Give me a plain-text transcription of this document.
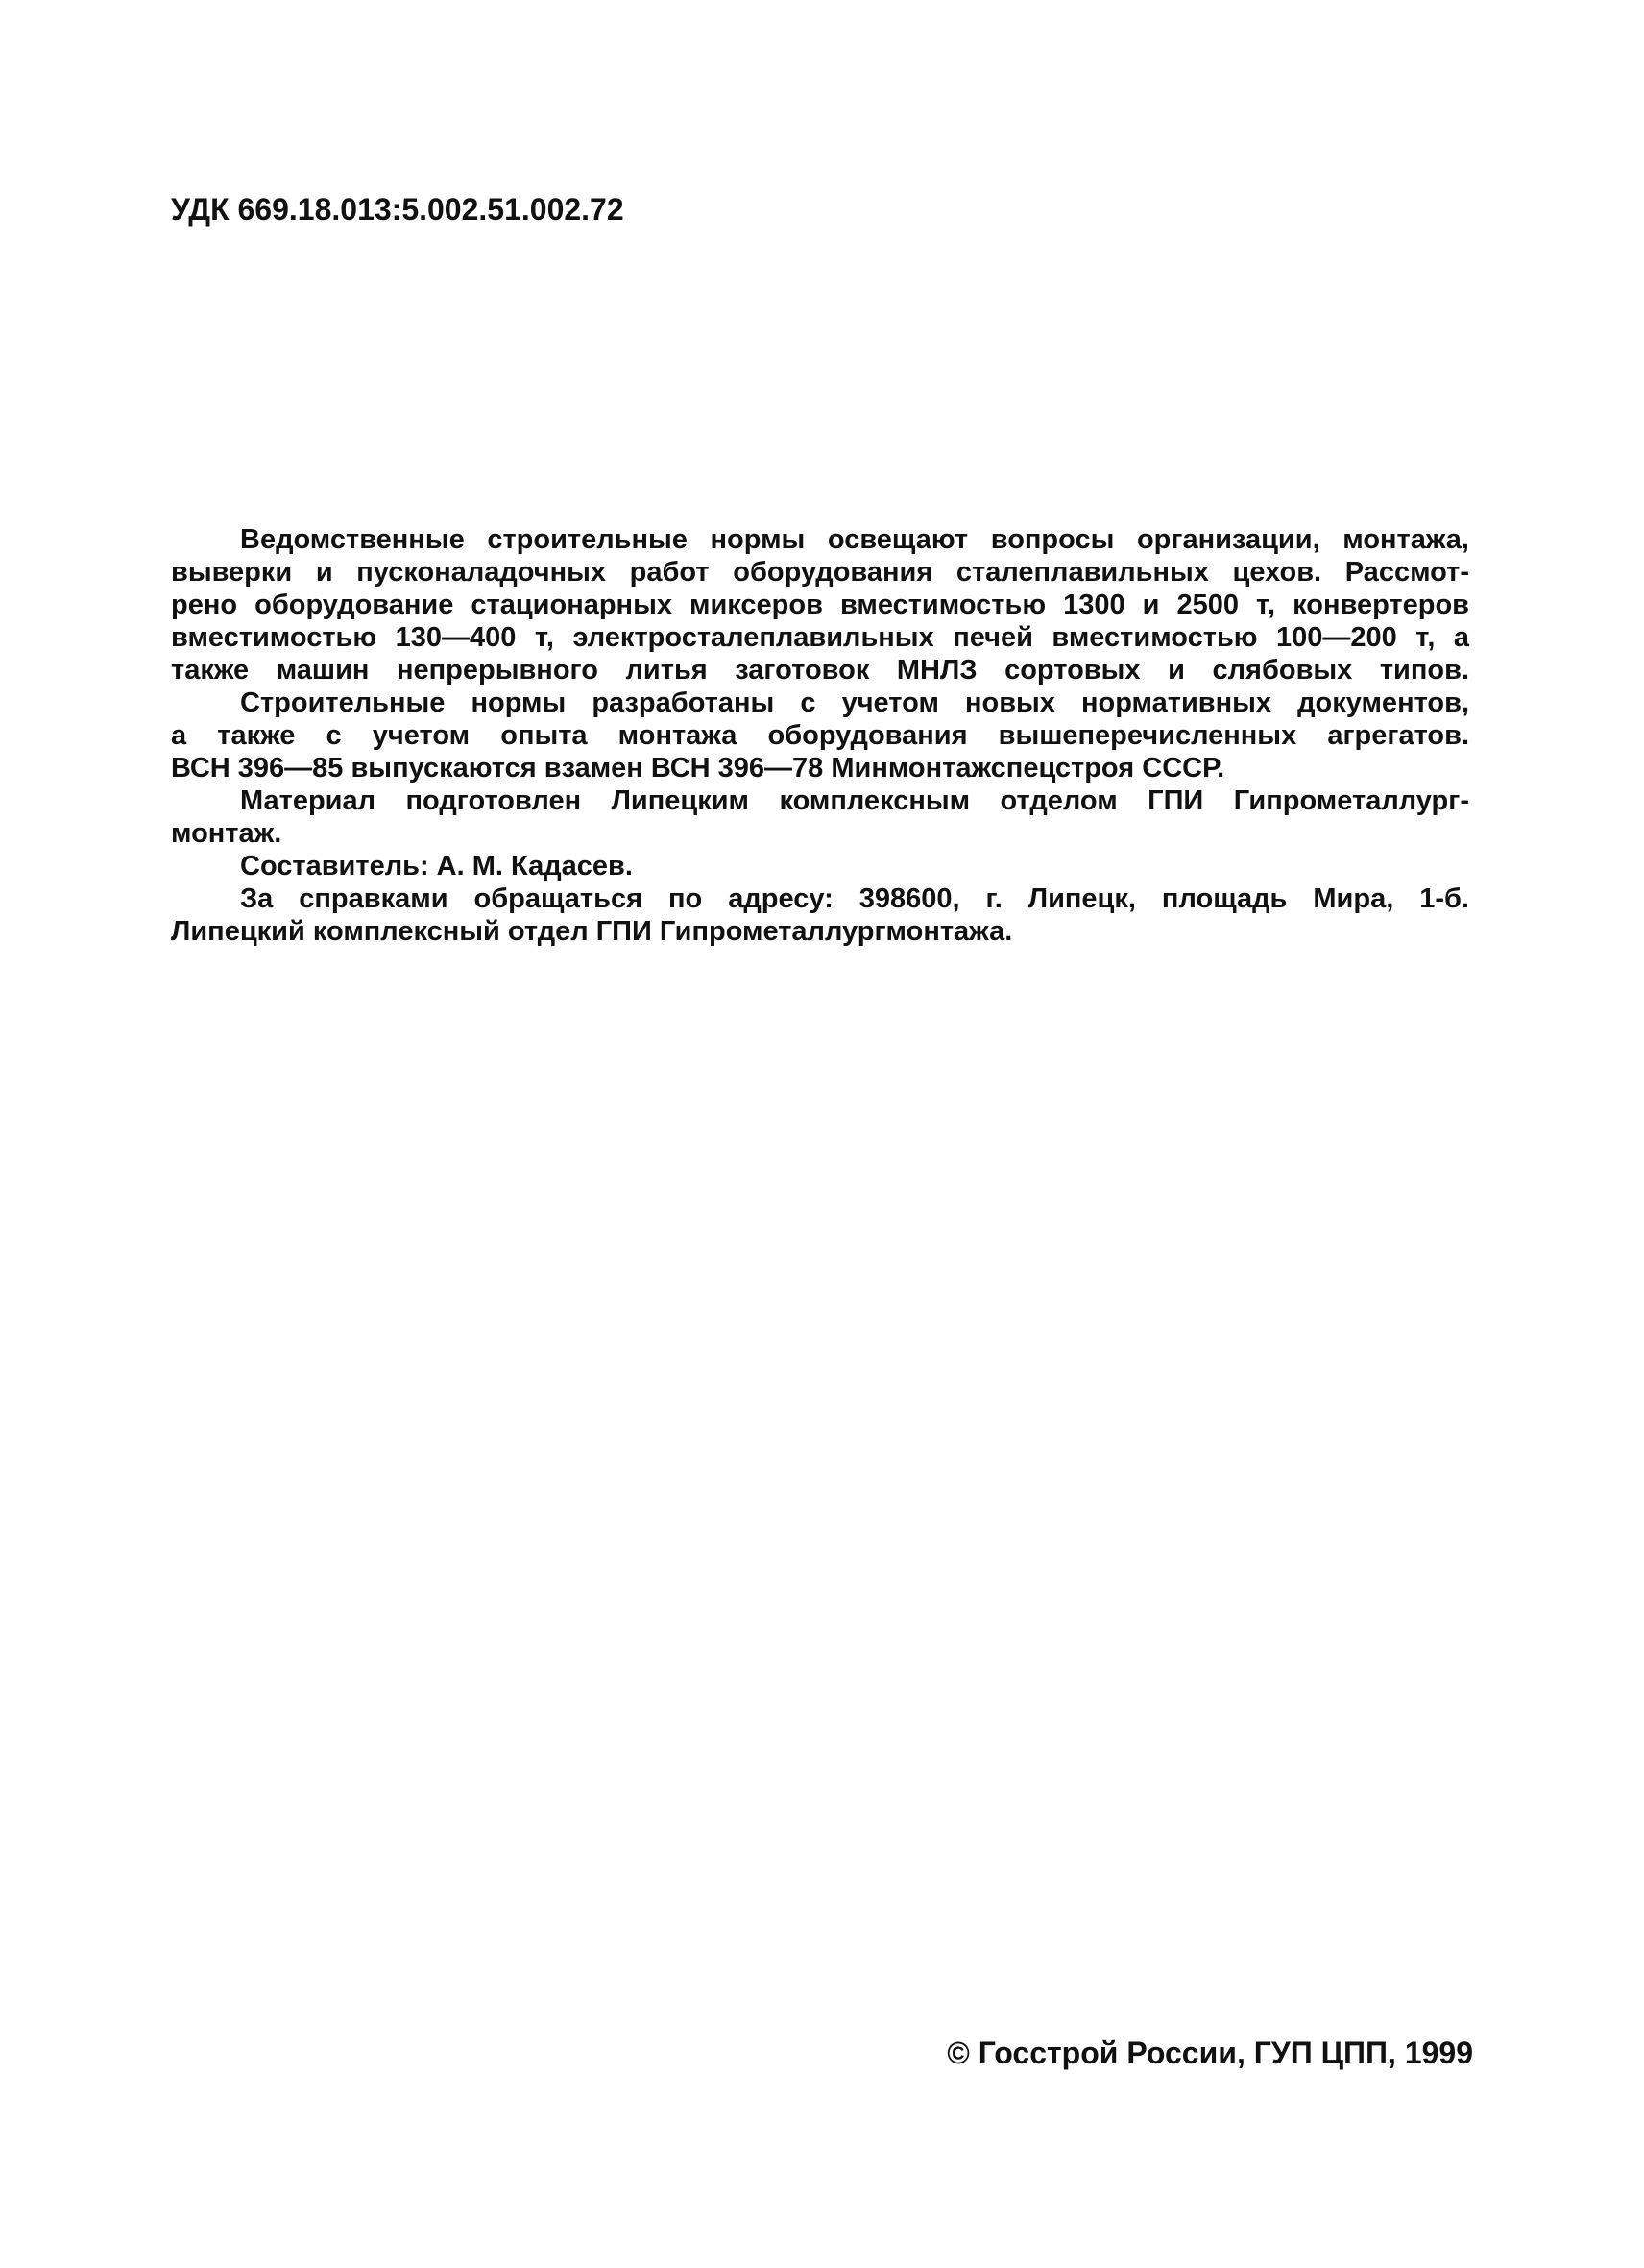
УДК 669.18.013:5.002.51.002.72
Ведомственные строительные нормы освещают вопросы организации, монтажа,
выверки и пусконаладочных работ оборудования сталеплавильных цехов. Рассмот-
рено оборудование стационарных миксеров вместимостью 1300 и 2500 т, конвертеров
вместимостью 130—400 т, электросталеплавильных печей вместимостью 100—200 т, а
также машин непрерывного литья заготовок МНЛЗ сортовых и слябовых типов.
Строительные нормы разработаны с учетом новых нормативных документов,
а также с учетом опыта монтажа оборудования вышеперечисленных агрегатов.
ВСН 396—85 выпускаются взамен ВСН 396—78 Минмонтажспецстроя СССР.
Материал подготовлен Липецким комплексным отделом ГПИ Гипрометаллург-
монтаж.
Составитель: А. М. Кадасев.
За справками обращаться по адресу: 398600, г. Липецк, площадь Мира, 1-б.
Липецкий комплексный отдел ГПИ Гипрометаллургмонтажа.
© Госстрой России, ГУП ЦПП, 1999
